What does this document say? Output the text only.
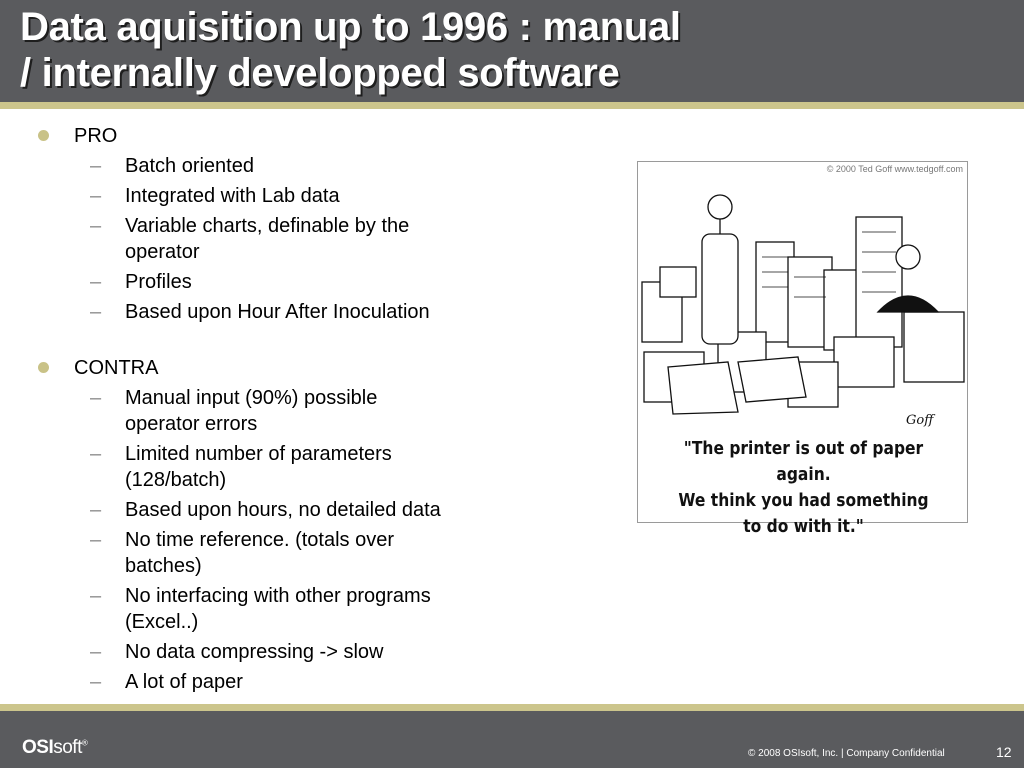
Data aquisition up to 1996 : manual
/ internally developped software
PRO
– Batch oriented
– Integrated with Lab data
– Variable charts, definable by the
operator
– Profiles
– Based upon Hour After Inoculation
CONTRA
– Manual input (90%) possible
operator errors
– Limited number of parameters
(128/batch)
– Based upon hours, no detailed data
– No time reference. (totals over
batches)
– No interfacing with other programs
(Excel..)
– No data compressing -> slow
– A lot of paper
© 2000 Ted Goff www.tedgoff.com
Goff
"The printer is out of paper again.
We think you had something
to do with it."
OSIsoft®
© 2008 OSIsoft, Inc. | Company Confidential	12
